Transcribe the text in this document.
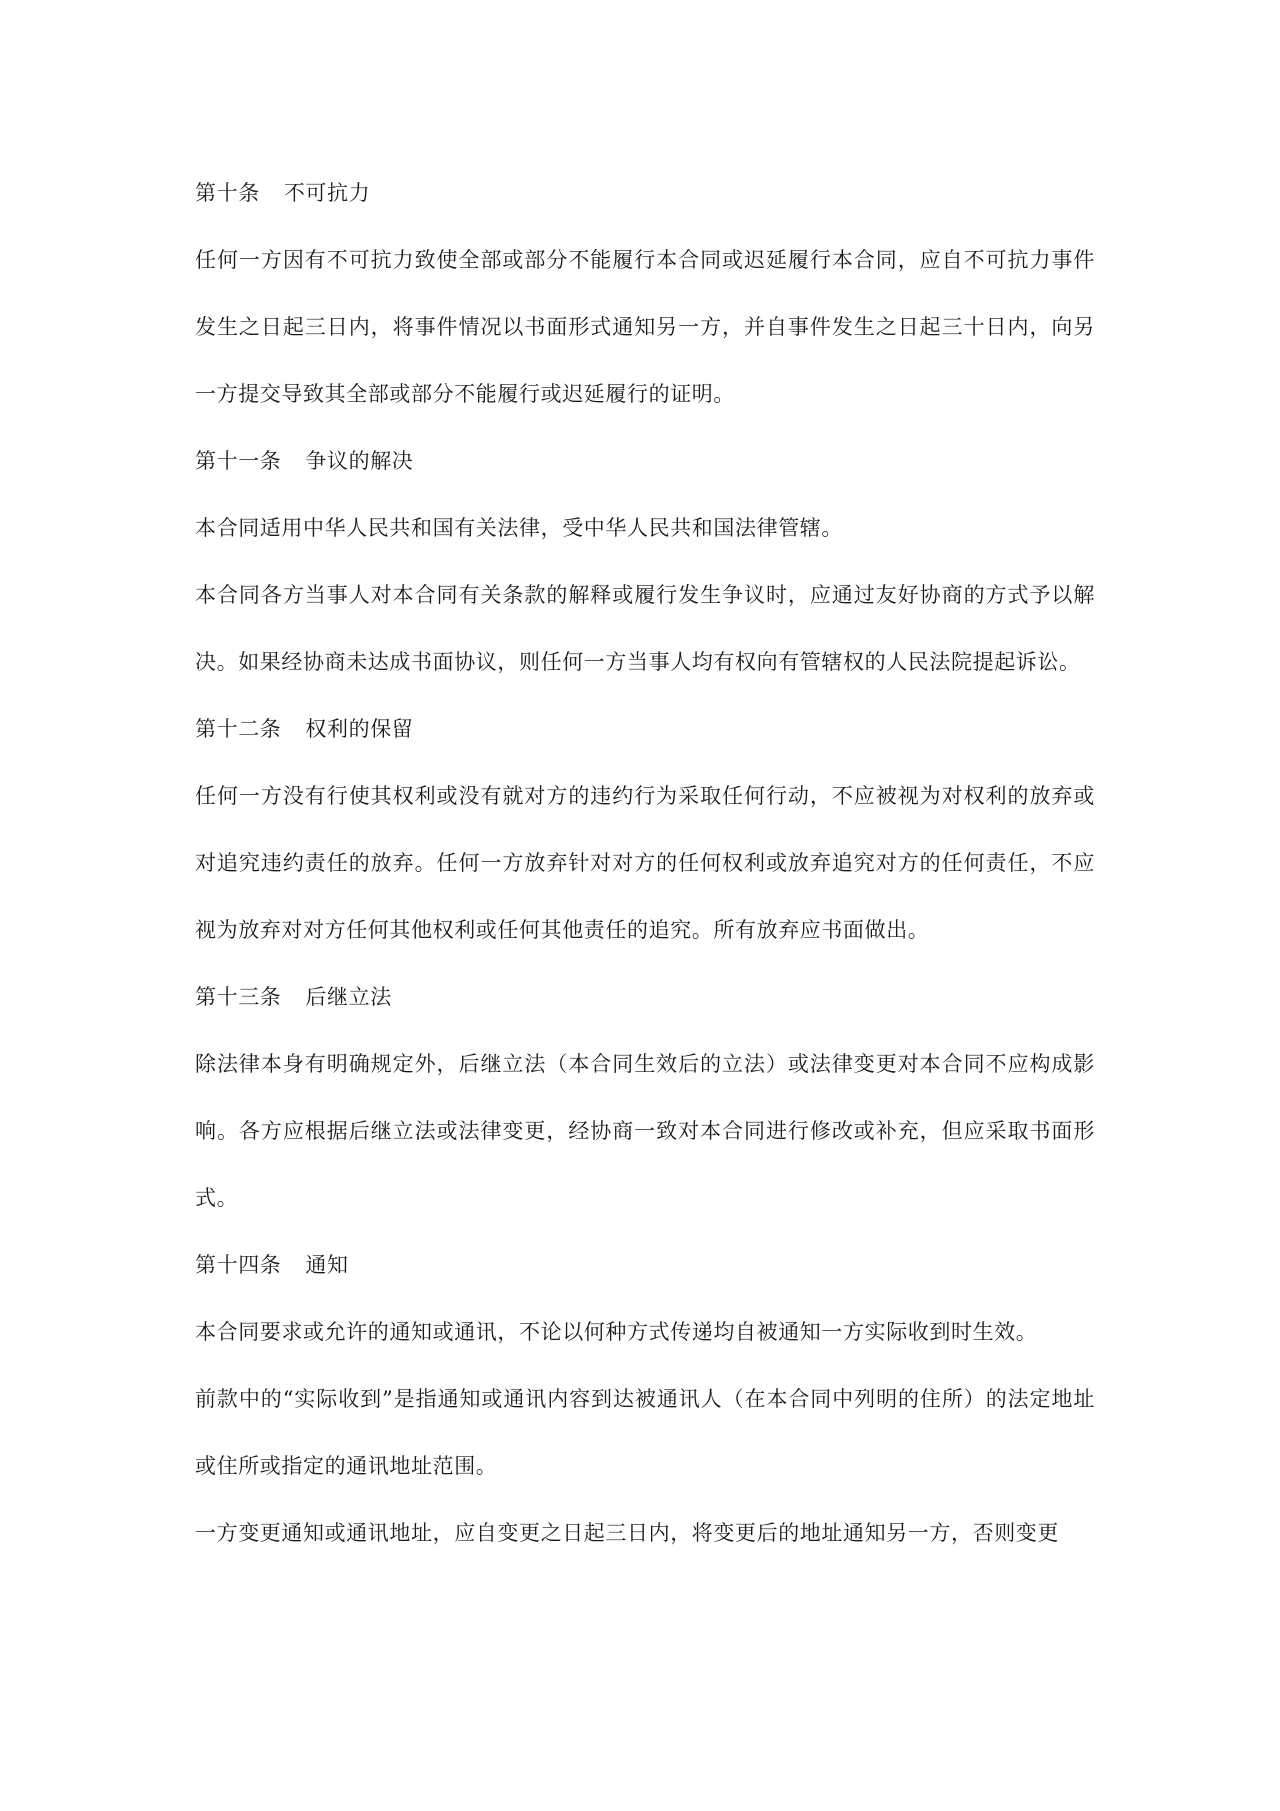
第十条 不可抗力

任何一方因有不可抗力致使全部或部分不能履行本合同或迟延履行本合同，应自不可抗力事件发生之日起三日内，将事件情况以书面形式通知另一方，并自事件发生之日起三十日内，向另一方提交导致其全部或部分不能履行或迟延履行的证明。

第十一条 争议的解决

本合同适用中华人民共和国有关法律，受中华人民共和国法律管辖。

本合同各方当事人对本合同有关条款的解释或履行发生争议时，应通过友好协商的方式予以解决。如果经协商未达成书面协议，则任何一方当事人均有权向有管辖权的人民法院提起诉讼。

第十二条 权利的保留

任何一方没有行使其权利或没有就对方的违约行为采取任何行动，不应被视为对权利的放弃或对追究违约责任的放弃。任何一方放弃针对对方的任何权利或放弃追究对方的任何责任，不应视为放弃对对方任何其他权利或任何其他责任的追究。所有放弃应书面做出。

第十三条 后继立法

除法律本身有明确规定外，后继立法（本合同生效后的立法）或法律变更对本合同不应构成影响。各方应根据后继立法或法律变更，经协商一致对本合同进行修改或补充，但应采取书面形式。

第十四条 通知

本合同要求或允许的通知或通讯，不论以何种方式传递均自被通知一方实际收到时生效。

前款中的“实际收到”是指通知或通讯内容到达被通讯人（在本合同中列明的住所）的法定地址或住所或指定的通讯地址范围。

一方变更通知或通讯地址，应自变更之日起三日内，将变更后的地址通知另一方，否则变更
